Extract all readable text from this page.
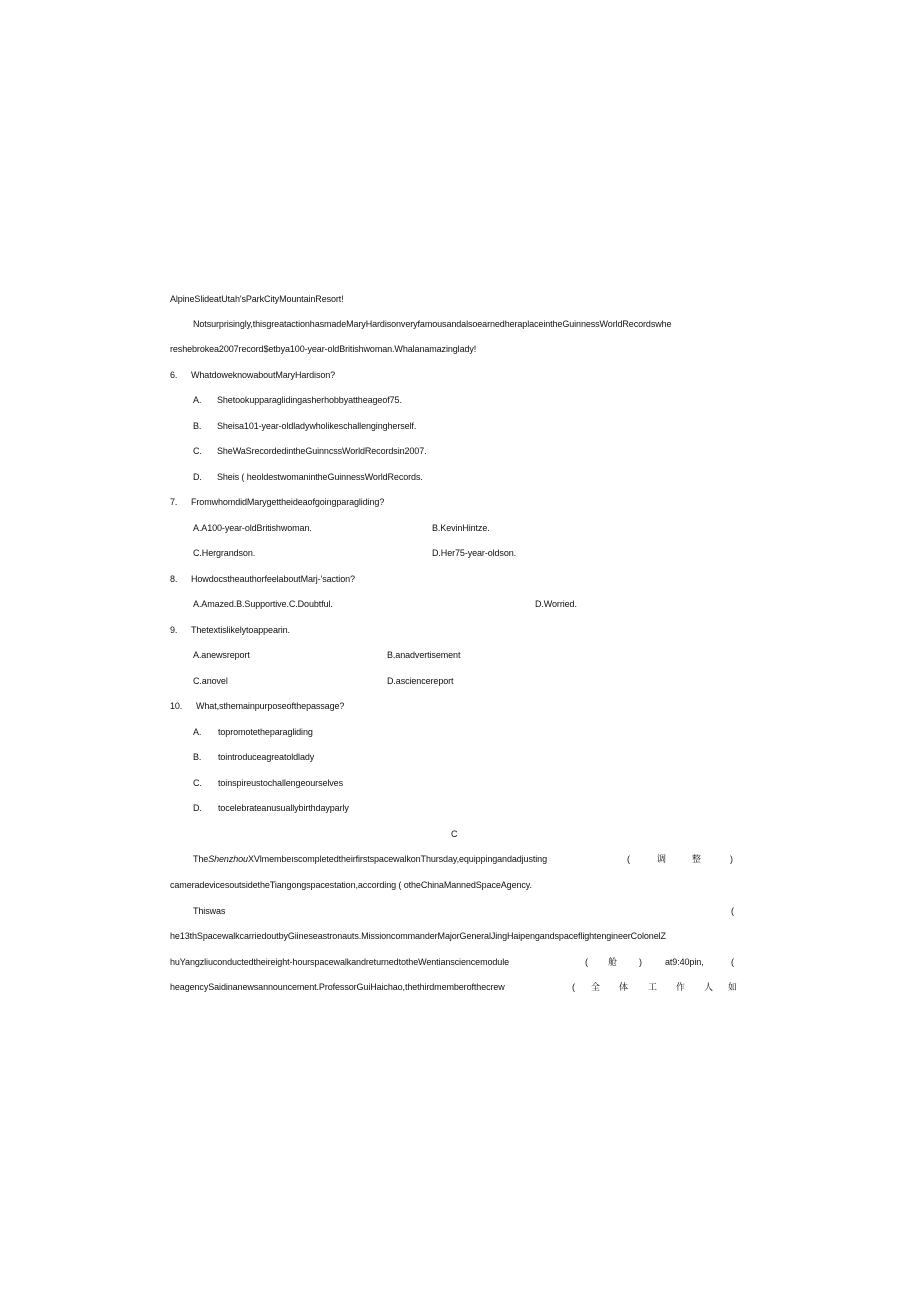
AlpineSlideatUtah'sParkCityMountainResort!
Notsurprisingly,thisgreatactionhasmadeMaryHardisonveryfamousandalsoearnedheraplaceintheGuinnessWorldRecordswhe
reshebrokea2007record$etbya100-year-oldBritishwoman.Whalanamazinglady!
6. WhatdoweknowaboutMaryHardison?
A. Shetookupparaglidingasherhobbyattheageof75.
B. Sheisa101-year-oldladywholikeschallengingherself.
C. SheWaSrecordedintheGuinncssWorldRecordsin2007.
D. Sheis ( heoldestwomanintheGuinnessWorldRecords.
7. FromwhomdidMarygettheideaofgoingparagliding?
A.A100-year-oldBritishwoman.	B.KevinHintze.
C.Hergrandson.	D.Her75-year-oldson.
8. HowdocstheauthorfeelaboutMarj-'saction?
A.Amazed.B.Supportive.C.Doubtful.	D.Worried.
9. Thetextislikelytoappearin.
A.anewsreport	B.anadvertisement
C.anovel	D.asciencereport
10. What,sthemainpurposeofthepassage?
A. topromotetheparagliding
B. tointroduceagreatoldlady
C. toinspireustochallengeourselves
D. tocelebrateanusuallybirthdayparly
C
TheShenzhouXVlmembeıscompletedtheirfirstspacewalkonThursday,equippingandadjusting	(	调	整	)
cameradevicesoutsidetheTiangongspacestation,according ( otheChinaMannedSpaceAgency.
Thiswas	(
he13thSpacewalkcarriedoutbyGiineseastronauts.MissioncommanderMajorGeneralJingHaipengandspaceflightengineerColonelZ
huYangzliuconductedtheireight-hourspacewalkandreturnedtotheWentiansciencemodule	( 舱 )	at9:40pin,	(
heagencySaidinanewsannouncement.ProfessorGuiHaichao,thethirdmemberofthecrew	( 全 体 工 作 人 如
